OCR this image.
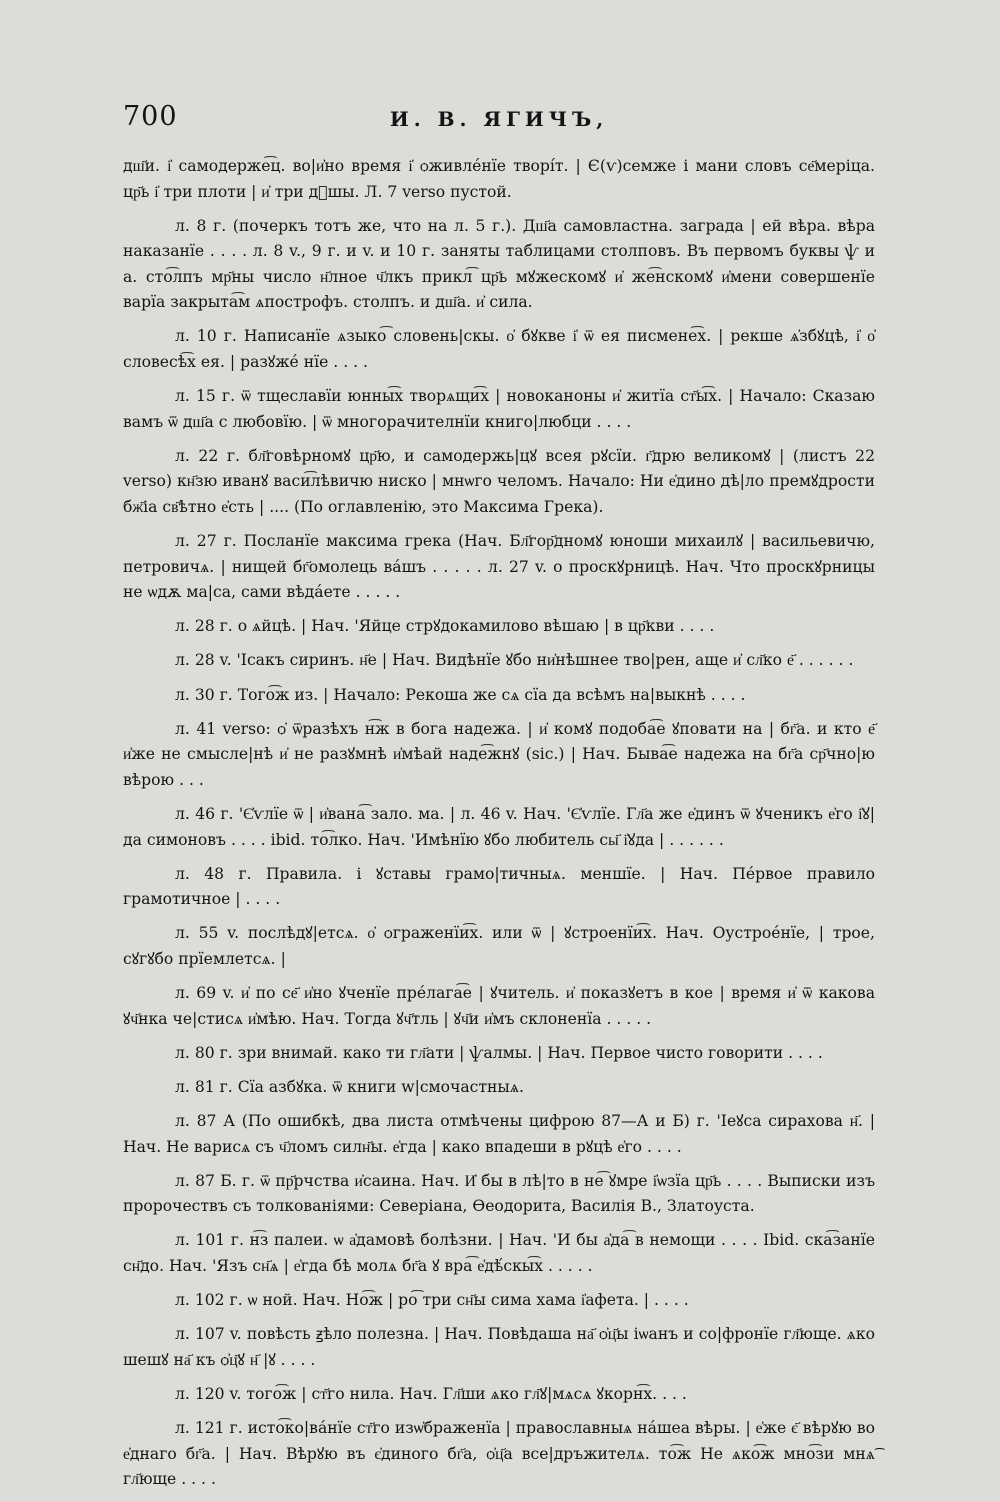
700	И. В. ЯГИЧЪ,

дш҃и. і҆ самодерже͡ц. во|и҆но время і҆ ѻживле́нїе творі́т. | Є(ѵ)семже і мани словъ се҃меріца. цр҃ь і҆ три плоти | и҆ три д꙯шы. Л. 7 verso пустой.

л. 8 г. (почеркъ тотъ же, что на л. 5 г.). Дш҃а самовластна. заграда | ей вѣра. вѣра наказанїе . . . . л. 8 v., 9 г. и v. и 10 г. заняты таблицами столповъ. Въ первомъ буквы ѱ и а. сто͡лпъ мр҃ны число н҃лное ч҃лкъ прикл͡ цр҃ь мꙋжескомꙋ и҆ же͡нскомꙋ и҆мени совершенїе варїа закрыта͡м ѧпострофъ. столпъ. и дш҃а. и҆ сила.

л. 10 г. Написанїе ѧзыко͡ словень|скы. о҆ бꙋкве і҆ ѿ ея писмене͡х. | рекше ѧ҆збꙋцѣ, і҆ о҆ словесѣ͡х ея. | разꙋжé нїе . . . .

л. 15 г. ѿ тщеславїи юнны͡х творѧщи͡х | новоканоны и҆ житїа ст҃ы͡х. | Начало: Сказаю вамъ ѿ дш҃а с любовїю. | ѿ многорачителнїи книго|любци . . . .

л. 22 г. бл҃говѣрномꙋ цр҃ю, и самодержь|цꙋ всея рꙋсїи. г҃дрю великомꙋ | (листъ 22 verso) кн҃зю иванꙋ васи͡лѣвичю ниско | мнѡго челомъ. Начало: Ни е҆дино дѣ|ло премꙋдрости бж҃іа св҃ѣтно е҆сть | .... (По оглавленію, это Максима Грека).

л. 27 г. Посланїе максима грека (Нач. Бл҃гор҃дномꙋ юноши михаилꙋ | васильевичю, петровичѧ. | нищей бг҃омолець ва́шъ . . . . . л. 27 v. о проскꙋрницѣ. Нач. Что проскꙋрницы не ѡдѫ ма|са, сами вѣда́ете . . . . .

л. 28 г. о ѧйцѣ. | Нач. 'Яйце стрꙋдокамилово вѣшаю | в цр҃кви . . . .

л. 28 v. 'Ісакъ сиринъ. н҃е | Нач. Видѣнїе ꙋбо ни҆нѣшнее тво|рен, аще и҆ сл҃ко е҃ . . . . . .

л. 30 г. Того͡ж из. | Начало: Рекоша же сѧ сїа да всѣмъ на|выкнѣ . . . .

л. 41 verso: ѻ҆ ѿразѣхъ н͡ж в бога надежа. | и҆ комꙋ подоба͡е ꙋповати на | бг҃а. и кто е҃ и҆же не смысле|нѣ и҆ не разꙋмнѣ и҆мѣай наде͡жнꙋ (sic.) | Нач. Быва͡е надежа на бг҃а ср҃чно|ю вѣрою . . .

л. 46 г. 'Є҆ѵлїе ѿ | и҆вана͡ зало. ма. | л. 46 v. Нач. 'Є҆ѵлїе. Гл҃а же е҆динъ ѿ ꙋченикъ е҆го і҆ꙋ|да симоновъ . . . . ibid. то͡лко. Нач. 'Имѣнїю ꙋбо любитель сы҃ і҆ꙋда | . . . . . .

л. 48 г. Правила. і ꙋставы грамо|тичныѧ. меншїе. | Нач. Пе́рвое правило грамотичное | . . . .

л. 55 v. послѣдꙋ|етсѧ. о҆ ѻграженїи͡х. или ѿ | ꙋстроенїи͡х. Нач. Оустрое́нїе, | трое, сꙋгꙋбо прїемлетсѧ. |

л. 69 v. и҆ по се҃ и҆но ꙋченїе пре́лага͡е | ꙋчитель. и҆ показꙋетъ в кое | время и҆ ѿ какова ꙋч҃нка че|стисѧ и҆мѣю. Нач. Тогда ꙋч҃тль | ꙋч҃и и҆мъ склоненїа . . . . .

л. 80 г. зри внимай. како ти гл҃ати | ѱалмы. | Нач. Первое чисто говорити . . . .

л. 81 г. Сїа азбꙋка. ѿ книги w|смочастныѧ.

л. 87 А (По ошибкѣ, два листа отмѣчены цифрою 87—А и Б) г. 'Іеꙋса сираховa н҃. | Нач. Не варисѧ съ ч҃ломъ силн҃ы. е҆гда | како впадеши в рꙋцѣ е҆го . . . .

л. 87 Б. г. ѿ пр҃рчства и҆саина. Нач. И҆ бы в лѣ|то в не͡ ꙋмре і҆ѡзїа цр҃ь . . . . Выписки изъ пророчествъ съ толкованіями: Северіана, Өеодорита, Василія В., Златоуста.

л. 101 г. н͡з палеи. ѡ а҆дамовѣ болѣзни. | Нач. 'И бы а҆да͡ в немощи . . . . Ibid. ска͡занїе сн҃до. Нач. 'Язъ сн҃ѧ | е҆гда бѣ молѧ бг҃а ꙋ вра͡ е҆дѣ́скы͡х . . . . .

л. 102 г. ѡ ной. Нач. Но͡ж | ро͡ три сн҃ы сима хама і҆афета. | . . . .

л. 107 v. повѣсть ꙃѣло полезна. | Нач. Повѣдаша на҃ ѻ҆ц҃ы іѡанъ и со|фронїе гл҃юще. ѧко шешꙋ на҃ къ ѻ҆ц҃ꙋ н҃ |ꙋ . . . .

л. 120 v. того͡ж | ст҃го нила. Нач. Гл҃ши ѧко гл҃ꙋ|мѧсѧ ꙋкорн͡х. . . .

л. 121 г. исто͡ко|ва́нїе ст҃го изѡ҆браженїа | православныѧ на́шеа вѣры. | е҆же є҃ вѣрꙋю во е҆днаго бг҃а. | Нач. Вѣрꙋю въ є҆диного бг҃а, ѻ҆ц҃а все|дръжителѧ. то͡ж Не ѧко͡ж мно͡зи мнѧ͡ гл҃юще . . . .
